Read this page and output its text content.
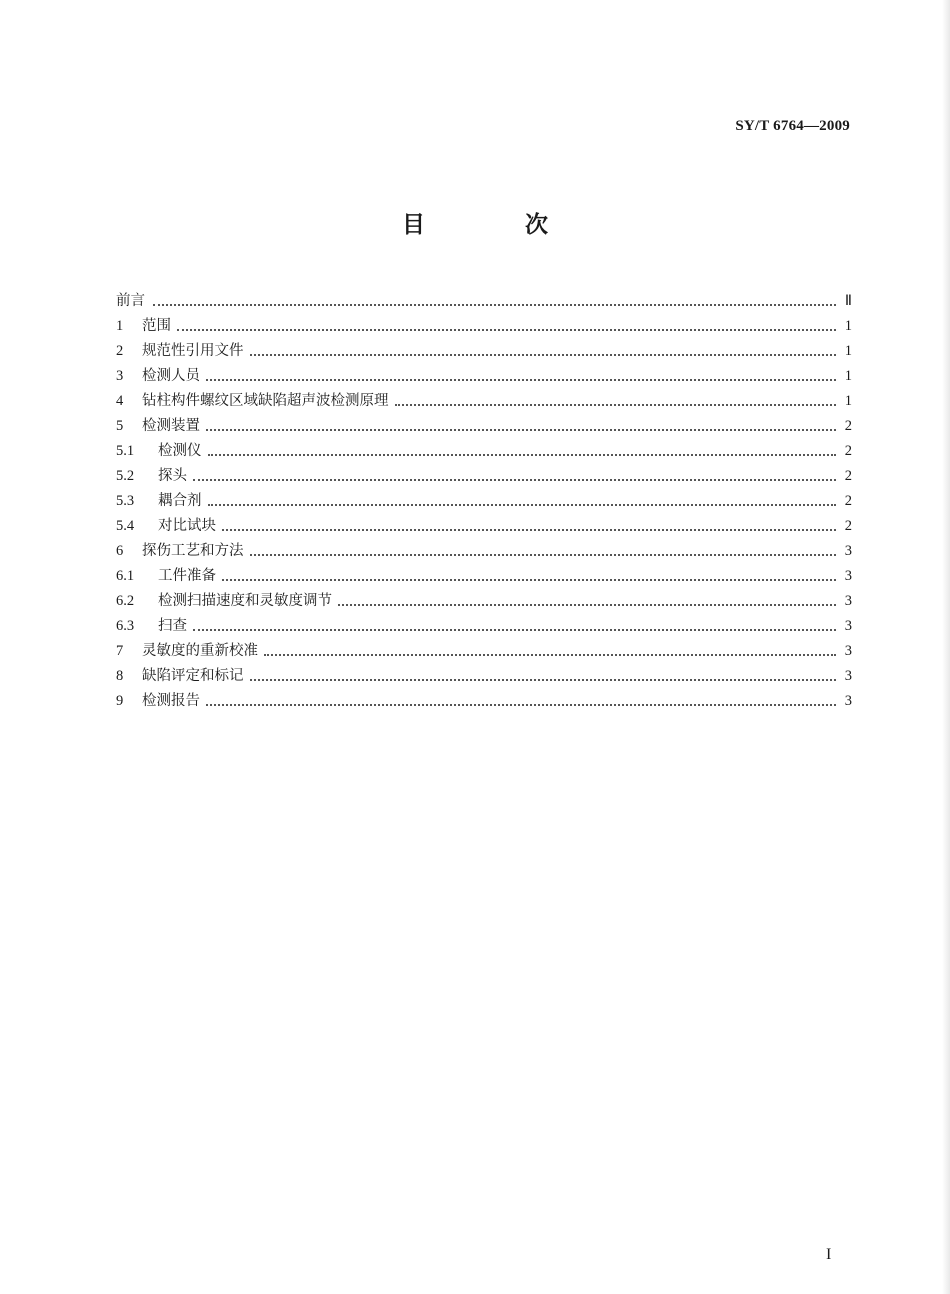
SY/T 6764—2009
目 次
前言	Ⅱ
1	范围	1
2	规范性引用文件	1
3	检测人员	1
4	钻柱构件螺纹区域缺陷超声波检测原理	1
5	检测装置	2
5.1	检测仪	2
5.2	探头	2
5.3	耦合剂	2
5.4	对比试块	2
6	探伤工艺和方法	3
6.1	工件准备	3
6.2	检测扫描速度和灵敏度调节	3
6.3	扫查	3
7	灵敏度的重新校准	3
8	缺陷评定和标记	3
9	检测报告	3
I
